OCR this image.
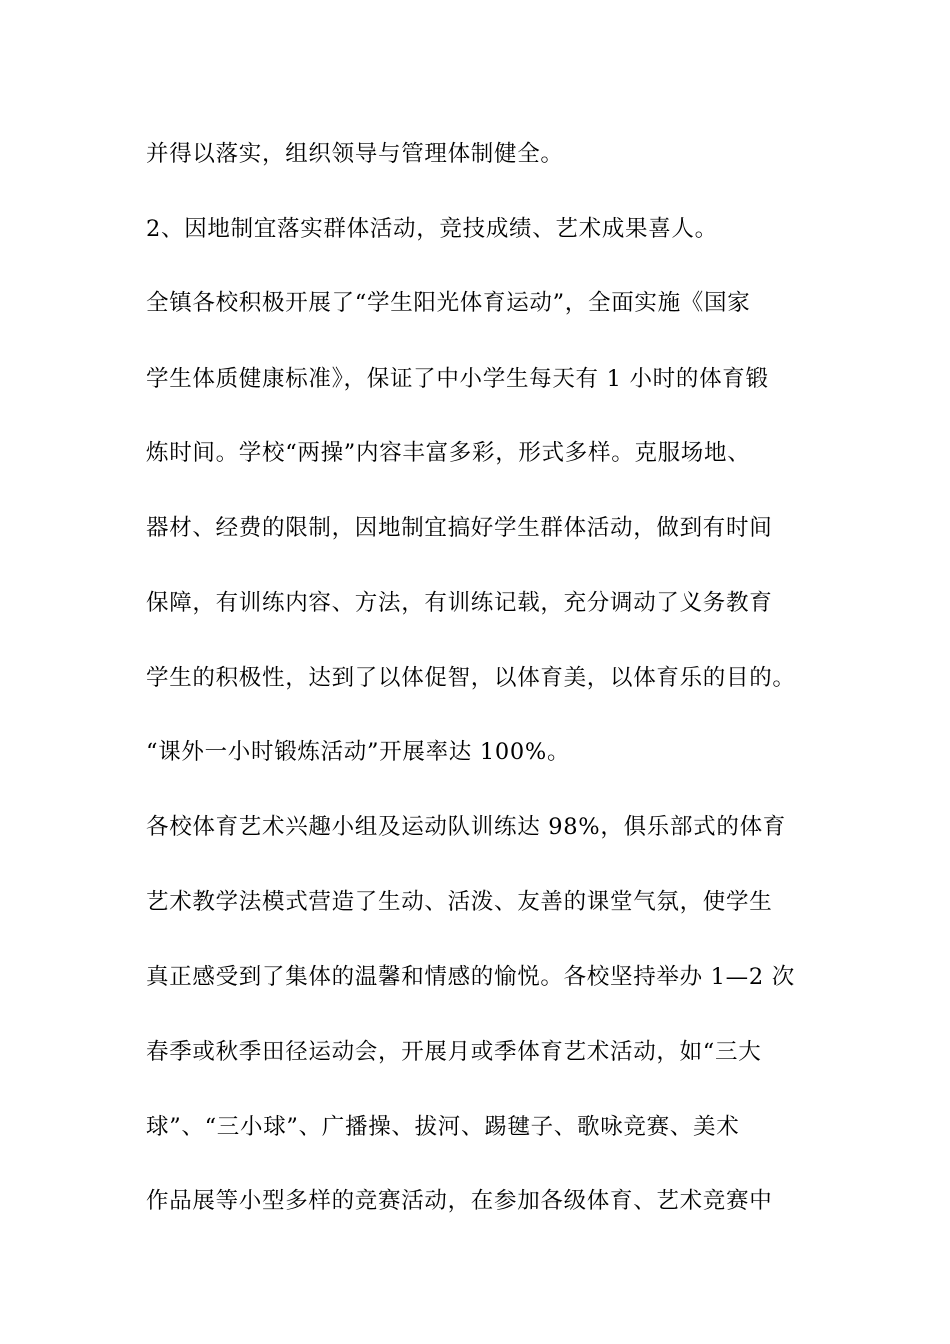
并得以落实，组织领导与管理体制健全。
2、因地制宜落实群体活动，竞技成绩、艺术成果喜人。
全镇各校积极开展了“学生阳光体育运动”，全面实施《国家
学生体质健康标准》，保证了中小学生每天有 1 小时的体育锻
炼时间。学校“两操”内容丰富多彩，形式多样。克服场地、
器材、经费的限制，因地制宜搞好学生群体活动，做到有时间
保障，有训练内容、方法，有训练记载，充分调动了义务教育
学生的积极性，达到了以体促智，以体育美，以体育乐的目的。
“课外一小时锻炼活动”开展率达 100%。
各校体育艺术兴趣小组及运动队训练达 98%，俱乐部式的体育
艺术教学法模式营造了生动、活泼、友善的课堂气氛，使学生
真正感受到了集体的温馨和情感的愉悦。各校坚持举办 1—2 次
春季或秋季田径运动会，开展月或季体育艺术活动，如“三大
球”、“三小球”、广播操、拔河、踢毽子、歌咏竞赛、美术
作品展等小型多样的竞赛活动，在参加各级体育、艺术竞赛中
